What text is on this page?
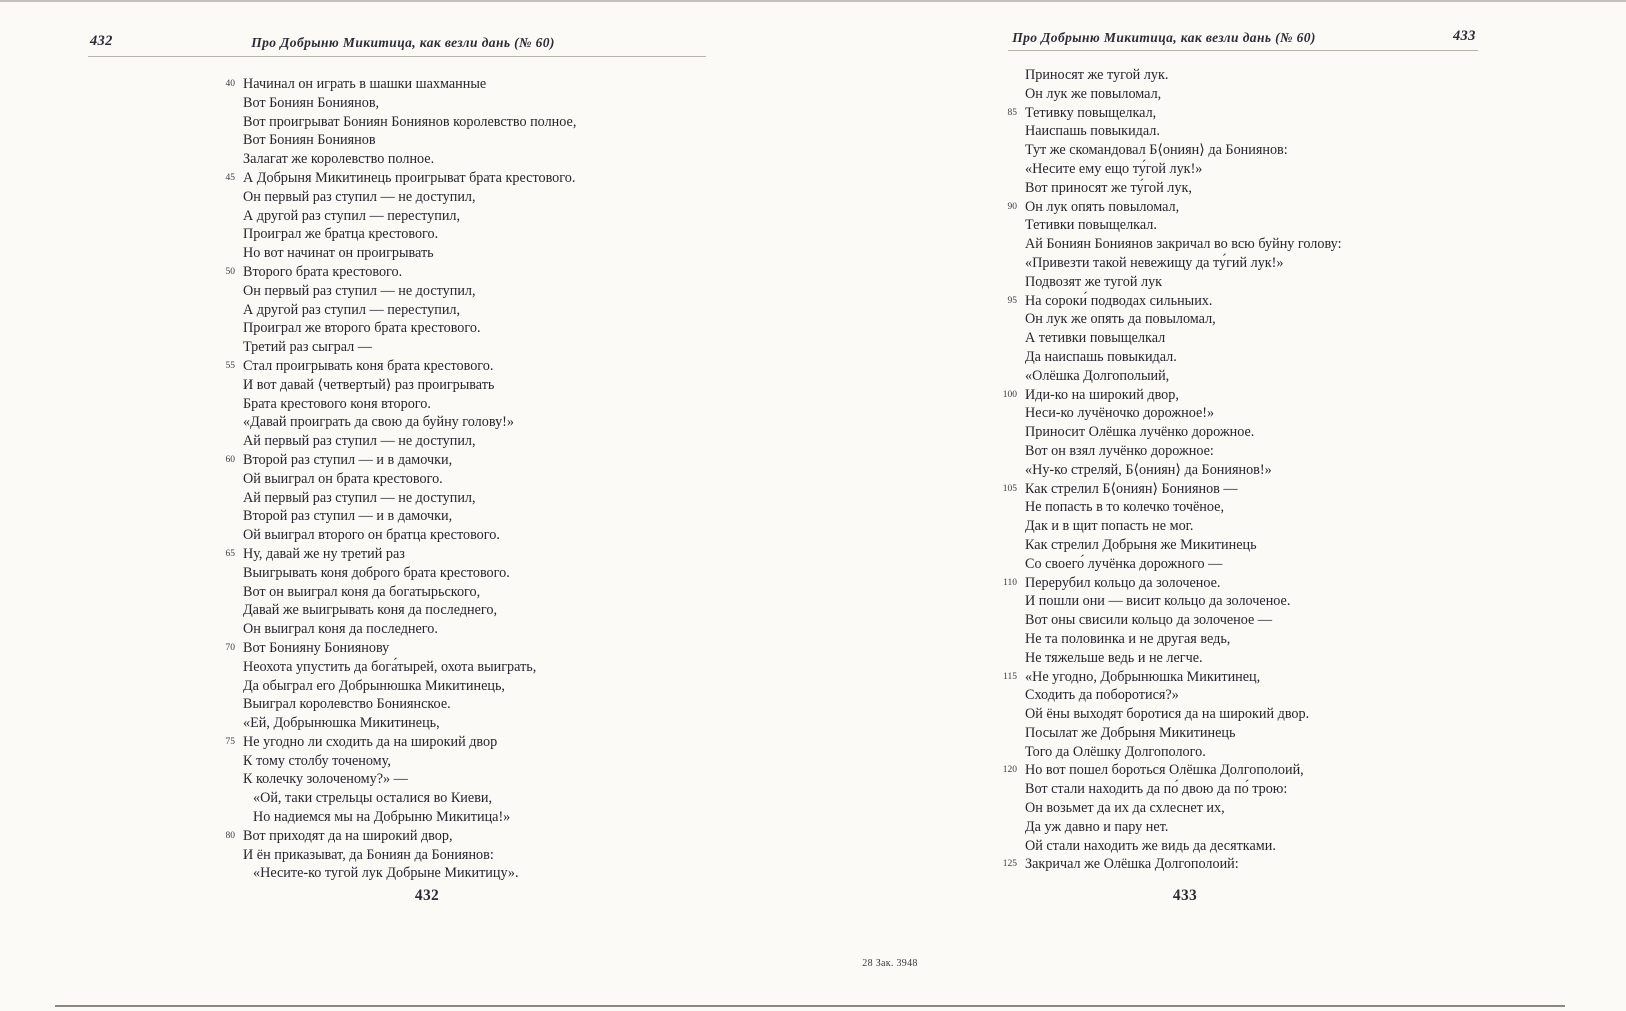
432	Про Добрыню Микитица, как везли дань (№ 60)	Про Добрыню Микитица, как везли дань (№ 60)	433
40 Начинал он играть в шашки шахманные
Вот Бониян Бониянов,
Вот проигрыват Бониян Бониянов королевство полное,
Вот Бониян Бониянов
Залагат же королевство полное.
45 А Добрыня Микитинець проигрыват брата крестового.
Он первый раз ступил — не доступил,
А другой раз ступил — переступил,
Проиграл же братца крестового.
Но вот начинат он проигрывать
50 Второго брата крестового.
Он первый раз ступил — не доступил,
А другой раз ступил — переступил,
Проиграл же второго брата крестового.
Третий раз сыграл —
55 Стал проигрывать коня брата крестового.
И вот давай ⟨четвертый⟩ раз проигрывать
Брата крестового коня второго.
«Давай проиграть да свою да буйну голову!»
Ай первый раз ступил — не доступил,
60 Второй раз ступил — и в дамочки,
Ой выиграл он брата крестового.
Ай первый раз ступил — не доступил,
Второй раз ступил — и в дамочки,
Ой выиграл второго он братца крестового.
65 Ну, давай же ну третий раз
Выигрывать коня доброго брата крестового.
Вот он выиграл коня да богатырьского,
Давай же выигрывать коня да последнего,
Он выиграл коня да последнего.
70 Вот Бонияну Бониянову
Неохота упустить да бога́тырей, охота выиграть,
Да обыграл его Добрынюшка Микитинець,
Выиграл королевство Бониянское.
«Ей, Добрынюшка Микитинець,
75 Не угодно ли сходить да на широкий двор
К тому столбу точеному,
К колечку золоченому?» —
«Ой, таки стрельцы осталися во Киеви,
Но надиемся мы на Добрыню Микитица!»
80 Вот приходят да на широкий двор,
И ён приказыват, да Бониян да Бониянов:
«Несите-ко тугой лук Добрыне Микитицу».
Приносят же тугой лук.
Он лук же повыломал,
85 Тетивку повыщелкал,
Наиспашь повыкидал.
Тут же скомандовал Б⟨ониян⟩ да Бониянов:
«Несите ему ещо ту́гой лук!»
Вот приносят же ту́гой лук,
90 Он лук опять повыломал,
Тетивки повыщелкал.
Ай Бониян Бониянов закричал во всю буйну голову:
«Привезти такой невежищу да ту́гий лук!»
Подвозят же тугой лук
95 На сороки́ подводах сильныих.
Он лук же опять да повыломал,
А тетивки повыщелкал
Да наиспашь повыкидал.
«Олёшка Долгополыий,
100 Иди-ко на широкий двор,
Неси-ко лучёночко дорожное!»
Приносит Олёшка лучёнко дорожное.
Вот он взял лучёнко дорожное:
«Ну-ко стреляй, Б⟨ониян⟩ да Бониянов!»
105 Как стрелил Б⟨ониян⟩ Бониянов —
Не попасть в то колечко точёное,
Дак и в щит попасть не мог.
Как стрелил Добрыня же Микитинець
Со своего́ лучёнка дорожного —
110 Перерубил кольцо да золоченое.
И пошли они — висит кольцо да золоченое.
Вот оны свисили кольцо да золоченое —
Не та половинка и не другая ведь,
Не тяжельше ведь и не легче.
115 «Не угодно, Добрынюшка Микитинец,
Сходить да поборотися?»
Ой ёны выходят боротися да на широкий двор.
Посылат же Добрыня Микитинець
Того да Олёшку Долгополого.
120 Но вот пошел бороться Олёшка Долгополоий,
Вот стали находить да по́ двою да по́ трою:
Он возьмет да их да схлеснет их,
Да уж давно и пару нет.
Ой стали находить же видь да десятками.
125 Закричал же Олёшка Долгополоий:
432	433
28 Зак. 3948
